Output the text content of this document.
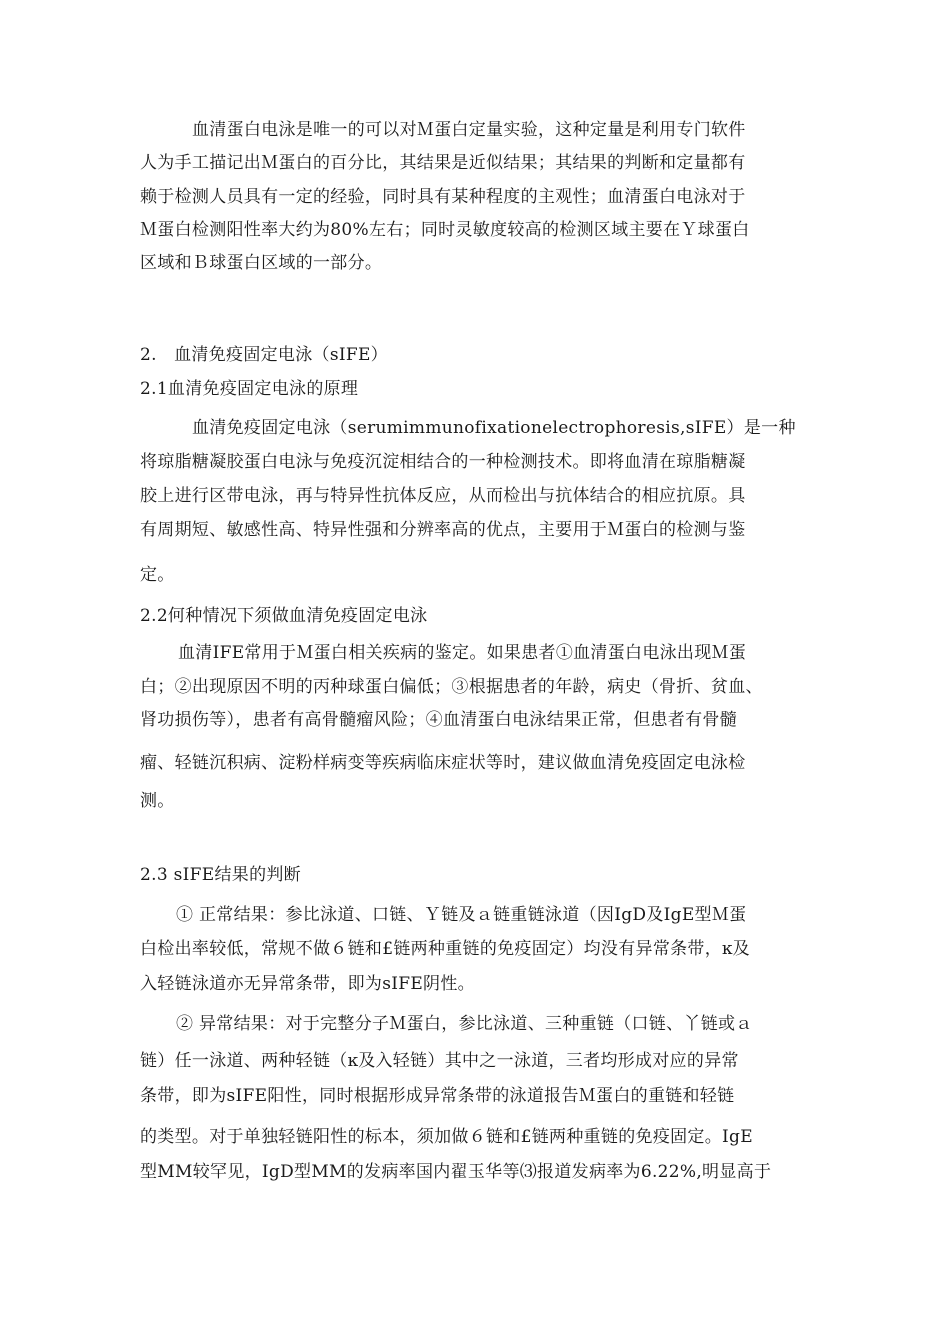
血清蛋白电泳是唯一的可以对Ｍ蛋白定量实验，这种定量是利用专门软件
人为手工描记出Ｍ蛋白的百分比，其结果是近似结果；其结果的判断和定量都有
赖于检测人员具有一定的经验，同时具有某种程度的主观性；血清蛋白电泳对于
Ｍ蛋白检测阳性率大约为80%左右；同时灵敏度较高的检测区域主要在Ｙ球蛋白
区域和Ｂ球蛋白区域的一部分。
2.　血清免疫固定电泳（sIFE）
2.1血清免疫固定电泳的原理
血清免疫固定电泳（serumimmunofixationelectrophoresis,sIFE）是一种
将琼脂糖凝胶蛋白电泳与免疫沉淀相结合的一种检测技术。即将血清在琼脂糖凝
胶上进行区带电泳，再与特异性抗体反应，从而检出与抗体结合的相应抗原。具
有周期短、敏感性高、特异性强和分辨率高的优点，主要用于Ｍ蛋白的检测与鉴
定。
2.2何种情况下须做血清免疫固定电泳
血清IFE常用于Ｍ蛋白相关疾病的鉴定。如果患者①血清蛋白电泳出现Ｍ蛋
白；②出现原因不明的丙种球蛋白偏低；③根据患者的年龄，病史（骨折、贫血、
肾功损伤等），患者有高骨髓瘤风险；④血清蛋白电泳结果正常，但患者有骨髓
瘤、轻链沉积病、淀粉样病变等疾病临床症状等时，建议做血清免疫固定电泳检
测。
2.3 sIFE结果的判断
① 正常结果：参比泳道、口链、Ｙ链及ａ链重链泳道（因IgD及IgE型Ｍ蛋
白检出率较低，常规不做６链和£链两种重链的免疫固定）均没有异常条带，ĸ及
入轻链泳道亦无异常条带，即为sIFE阴性。
② 异常结果：对于完整分子Ｍ蛋白，参比泳道、三种重链（口链、丫链或ａ
链）任一泳道、两种轻链（ĸ及入轻链）其中之一泳道，三者均形成对应的异常
条带，即为sIFE阳性，同时根据形成异常条带的泳道报告Ｍ蛋白的重链和轻链
的类型。对于单独轻链阳性的标本，须加做６链和£链两种重链的免疫固定。IgE
型MM较罕见，IgD型MM的发病率国内翟玉华等⑶报道发病率为6.22%,明显高于
